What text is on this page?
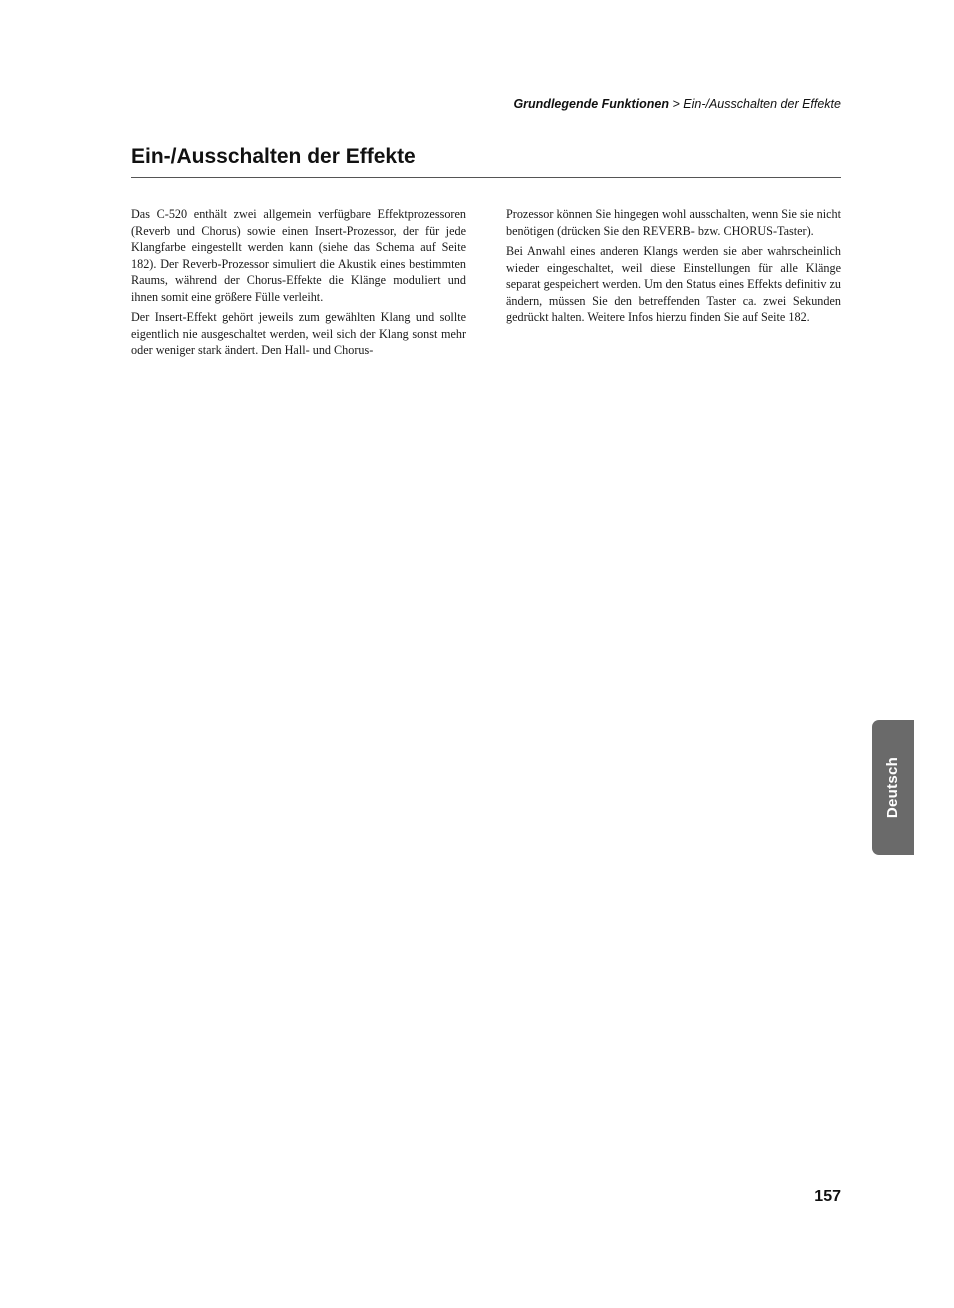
Grundlegende Funktionen > Ein-/Ausschalten der Effekte
Ein-/Ausschalten der Effekte

Das C-520 enthält zwei allgemein verfügbare Effektprozessoren (Reverb und Chorus) sowie einen Insert-Prozessor, der für jede Klangfarbe eingestellt werden kann (siehe das Schema auf Seite 182). Der Reverb-Prozessor simuliert die Akustik eines bestimmten Raums, während der Chorus-Effekte die Klänge moduliert und ihnen somit eine größere Fülle verleiht.

Der Insert-Effekt gehört jeweils zum gewählten Klang und sollte eigentlich nie ausgeschaltet werden, weil sich der Klang sonst mehr oder weniger stark ändert. Den Hall- und Chorus-

Prozessor können Sie hingegen wohl ausschalten, wenn Sie sie nicht benötigen (drücken Sie den REVERB- bzw. CHORUS-Taster).

Bei Anwahl eines anderen Klangs werden sie aber wahrscheinlich wieder eingeschaltet, weil diese Einstellungen für alle Klänge separat gespeichert werden. Um den Status eines Effekts definitiv zu ändern, müssen Sie den betreffenden Taster ca. zwei Sekunden gedrückt halten. Weitere Infos hierzu finden Sie auf Seite 182.

Deutsch
157
